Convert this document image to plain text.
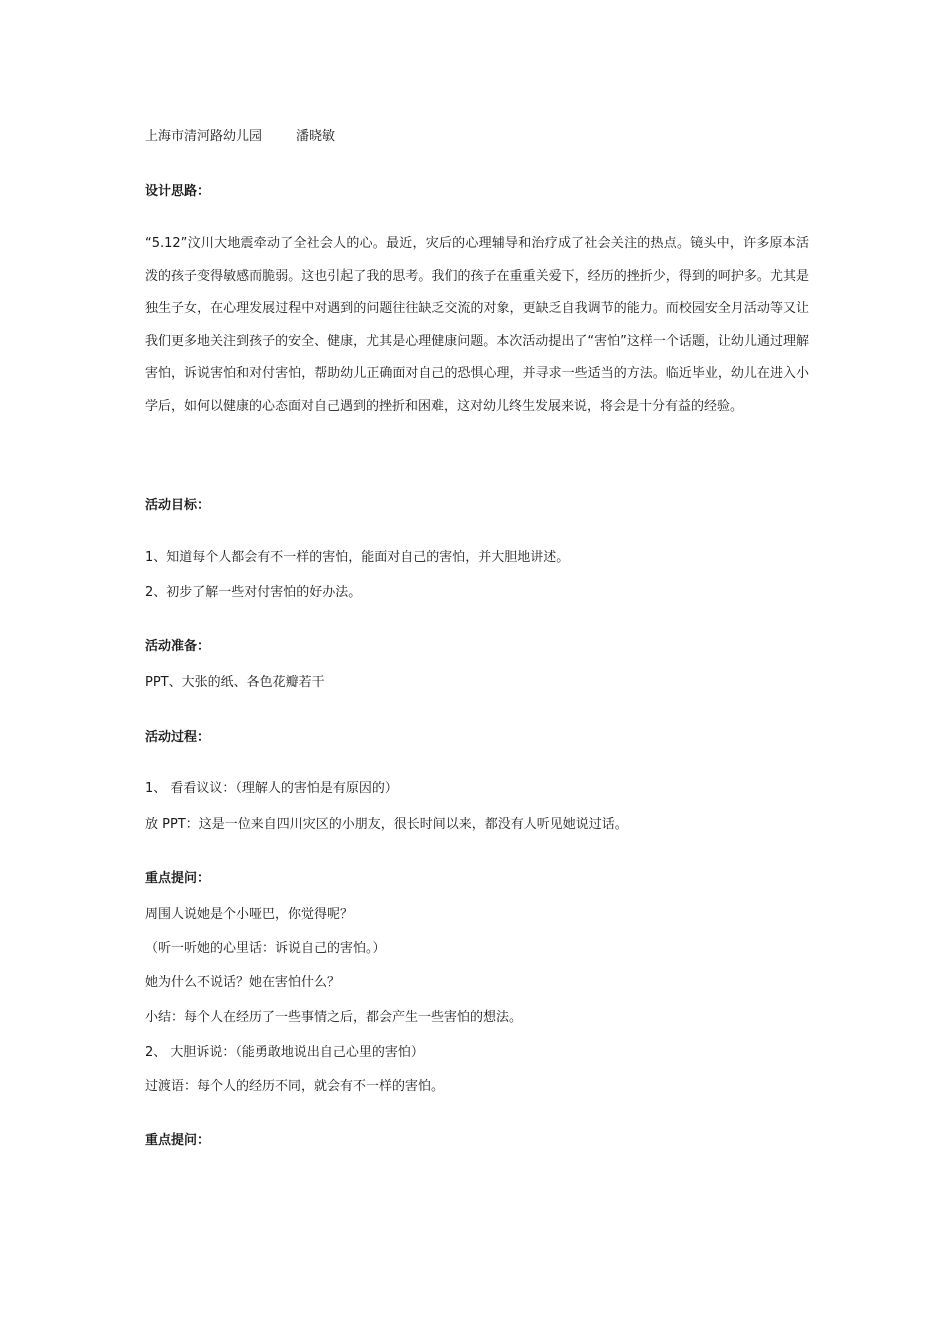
上海市清河路幼儿园	潘晓敏
设计思路：
“5.12”汶川大地震牵动了全社会人的心。最近，灾后的心理辅导和治疗成了社会关注的热点。镜头中，许多原本活泼的孩子变得敏感而脆弱。这也引起了我的思考。我们的孩子在重重关爱下，经历的挫折少，得到的呵护多。尤其是独生子女，在心理发展过程中对遇到的问题往往缺乏交流的对象，更缺乏自我调节的能力。而校园安全月活动等又让我们更多地关注到孩子的安全、健康，尤其是心理健康问题。本次活动提出了“害怕”这样一个话题，让幼儿通过理解害怕，诉说害怕和对付害怕，帮助幼儿正确面对自己的恐惧心理，并寻求一些适当的方法。临近毕业，幼儿在进入小学后，如何以健康的心态面对自己遇到的挫折和困难，这对幼儿终生发展来说，将会是十分有益的经验。
活动目标：
1、知道每个人都会有不一样的害怕，能面对自己的害怕，并大胆地讲述。
2、初步了解一些对付害怕的好办法。
活动准备：
PPT、大张的纸、各色花瓣若干
活动过程：
1、 看看议议：（理解人的害怕是有原因的）
放 PPT：这是一位来自四川灾区的小朋友，很长时间以来，都没有人听见她说过话。
重点提问：
周围人说她是个小哑巴，你觉得呢？
（听一听她的心里话：诉说自己的害怕。）
她为什么不说话？她在害怕什么？
小结：每个人在经历了一些事情之后，都会产生一些害怕的想法。
2、 大胆诉说：（能勇敢地说出自己心里的害怕）
过渡语：每个人的经历不同，就会有不一样的害怕。
重点提问：
